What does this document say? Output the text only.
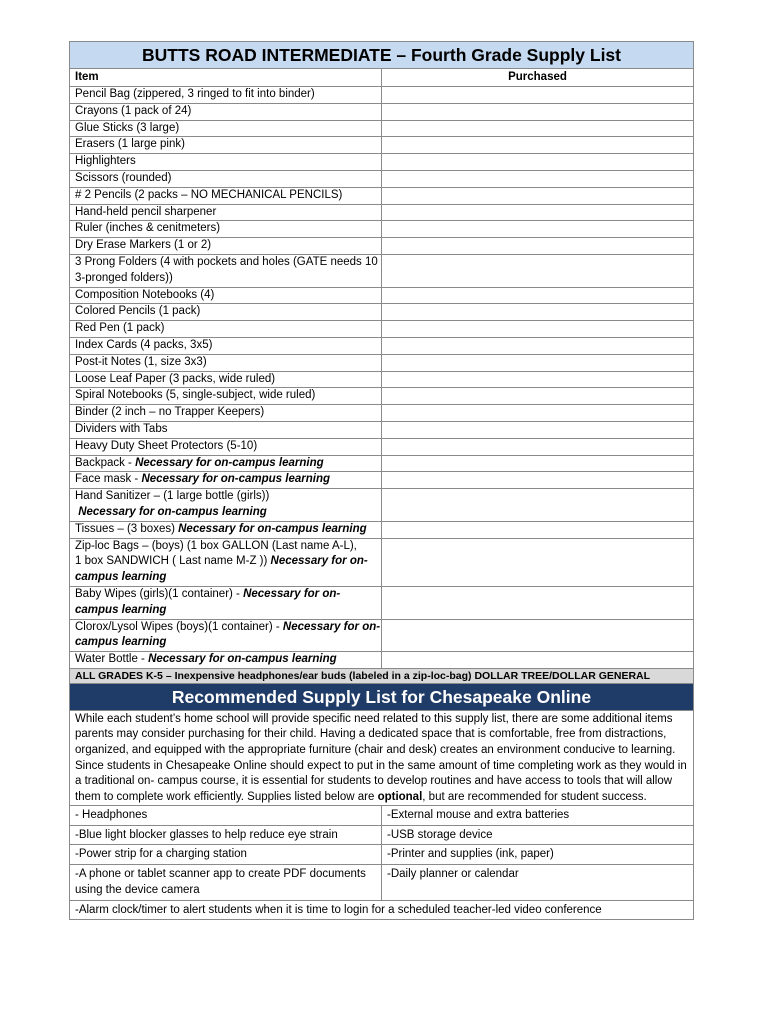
BUTTS ROAD INTERMEDIATE – Fourth Grade Supply List	
Item	Purchased
Pencil Bag (zippered, 3 ringed to fit into binder)	
Crayons (1 pack of 24)	
Glue Sticks (3 large)	
Erasers (1 large pink)	
Highlighters	
Scissors (rounded)	
# 2 Pencils (2 packs – NO MECHANICAL PENCILS)	
Hand-held pencil sharpener	
Ruler (inches & cenitmeters)	
Dry Erase Markers (1 or 2)	
3 Prong Folders (4 with pockets and holes (GATE needs 10 3-pronged folders))	
Composition Notebooks (4)	
Colored Pencils (1 pack)	
Red Pen (1 pack)	
Index Cards (4 packs, 3x5)	
Post-it Notes (1, size 3x3)	
Loose Leaf Paper (3 packs, wide ruled)	
Spiral Notebooks (5, single-subject, wide ruled)	
Binder (2 inch – no Trapper Keepers)	
Dividers with Tabs	
Heavy Duty Sheet Protectors (5-10)	
Backpack - Necessary for on-campus learning	
Face mask - Necessary for on-campus learning	
Hand Sanitizer – (1 large bottle (girls))
Necessary for on-campus learning	
Tissues – (3 boxes) Necessary for on-campus learning	
Zip-loc Bags – (boys) (1 box GALLON (Last name A-L),
1 box SANDWICH ( Last name M-Z )) Necessary for on-campus learning	
Baby Wipes (girls)(1 container) - Necessary for on-campus learning	
Clorox/Lysol Wipes (boys)(1 container) - Necessary for on-campus learning	
Water Bottle - Necessary for on-campus learning	
ALL GRADES K-5 – Inexpensive headphones/ear buds (labeled in a zip-loc-bag) DOLLAR TREE/DOLLAR GENERAL	
Recommended Supply List for Chesapeake Online	
While each student’s home school will provide specific need related to this supply list, there are some additional items parents may consider purchasing for their child. Having a dedicated space that is comfortable, free from distractions, organized, and equipped with the appropriate furniture (chair and desk) creates an environment conducive to learning. Since students in Chesapeake Online should expect to put in the same amount of time completing work as they would in a traditional on- campus course, it is essential for students to develop routines and have access to tools that will allow them to complete work efficiently. Supplies listed below are optional, but are recommended for student success.	
- Headphones	-External mouse and extra batteries
-Blue light blocker glasses to help reduce eye strain	-USB storage device
-Power strip for a charging station	-Printer and supplies (ink, paper)
-A phone or tablet scanner app to create PDF documents using the device camera	-Daily planner or calendar
-Alarm clock/timer to alert students when it is time to login for a scheduled teacher-led video conference	
